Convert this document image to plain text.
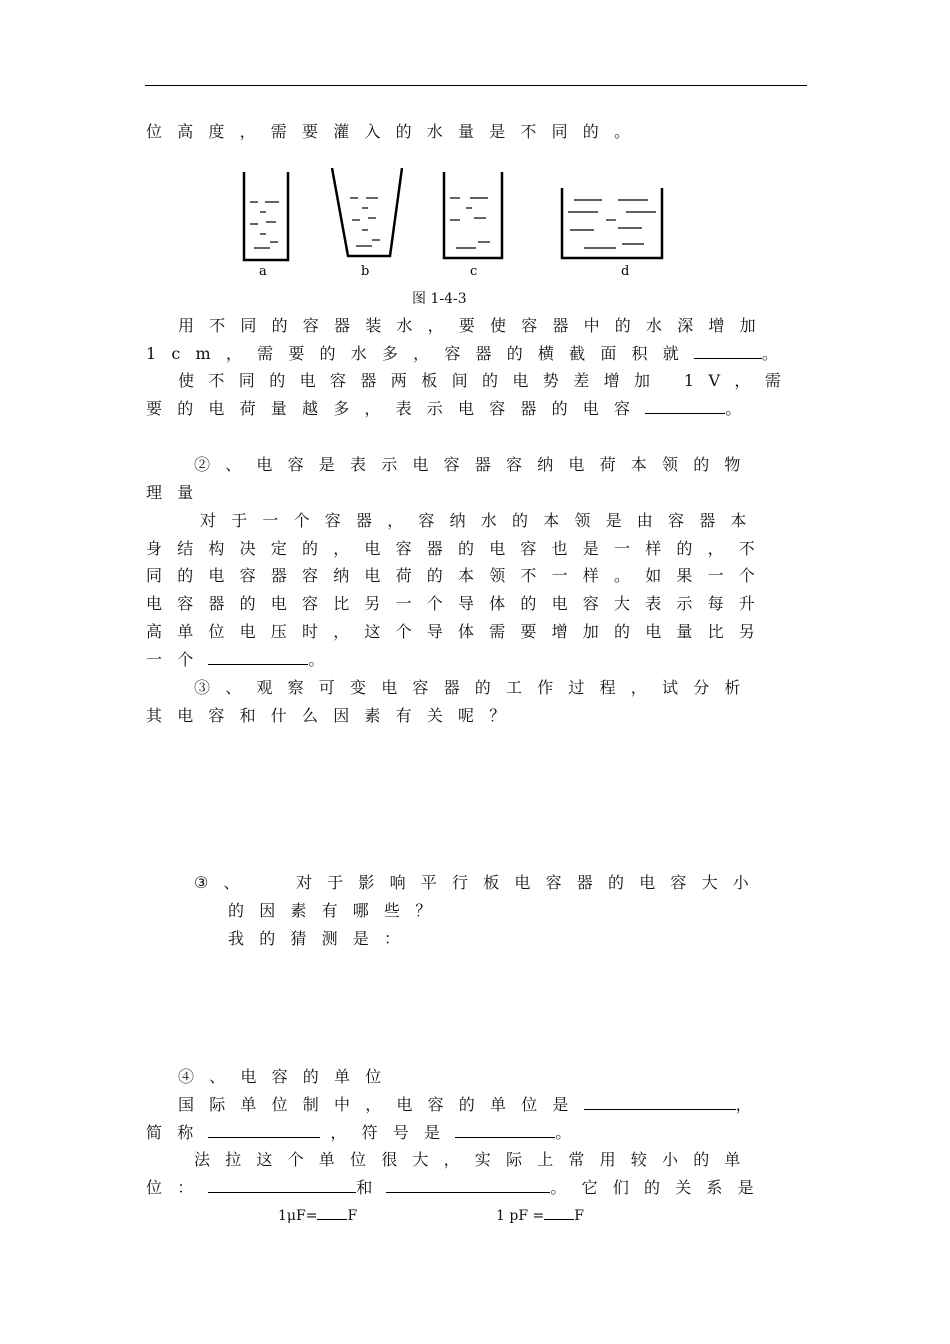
位高度，需要灌入的水量是不同的。
a	b	c	d
图 1-4-3
用不同的容器装水，要使容器中的水深增加
1cm，需要的水多，容器的横截面积就	。
使不同的电容器两板间的电势差增加 1V，需
要的电荷量越多，表示电容器的电容	。
②、电容是表示电容器容纳电荷本领的物
理量
对于一个容器，容纳水的本领是由容器本
身结构决定的，电容器的电容也是一样的，不
同的电容器容纳电荷的本领不一样。如果一个
电容器的电容比另一个导体的电容大表示每升
高单位电压时，这个导体需要增加的电量比另
一个	。
③、观察可变电容器的工作过程，试分析
其电容和什么因素有关呢？
③、	对于影响平行板电容器的电容大小
的因素有哪些？
我的猜测是：
④、电容的单位
国际单位制中，电容的单位是	，
简称	，符号是	。
法拉这个单位很大，实际上常用较小的单
位：	和	。它们的关系是
1μF= F	1 pF = F
